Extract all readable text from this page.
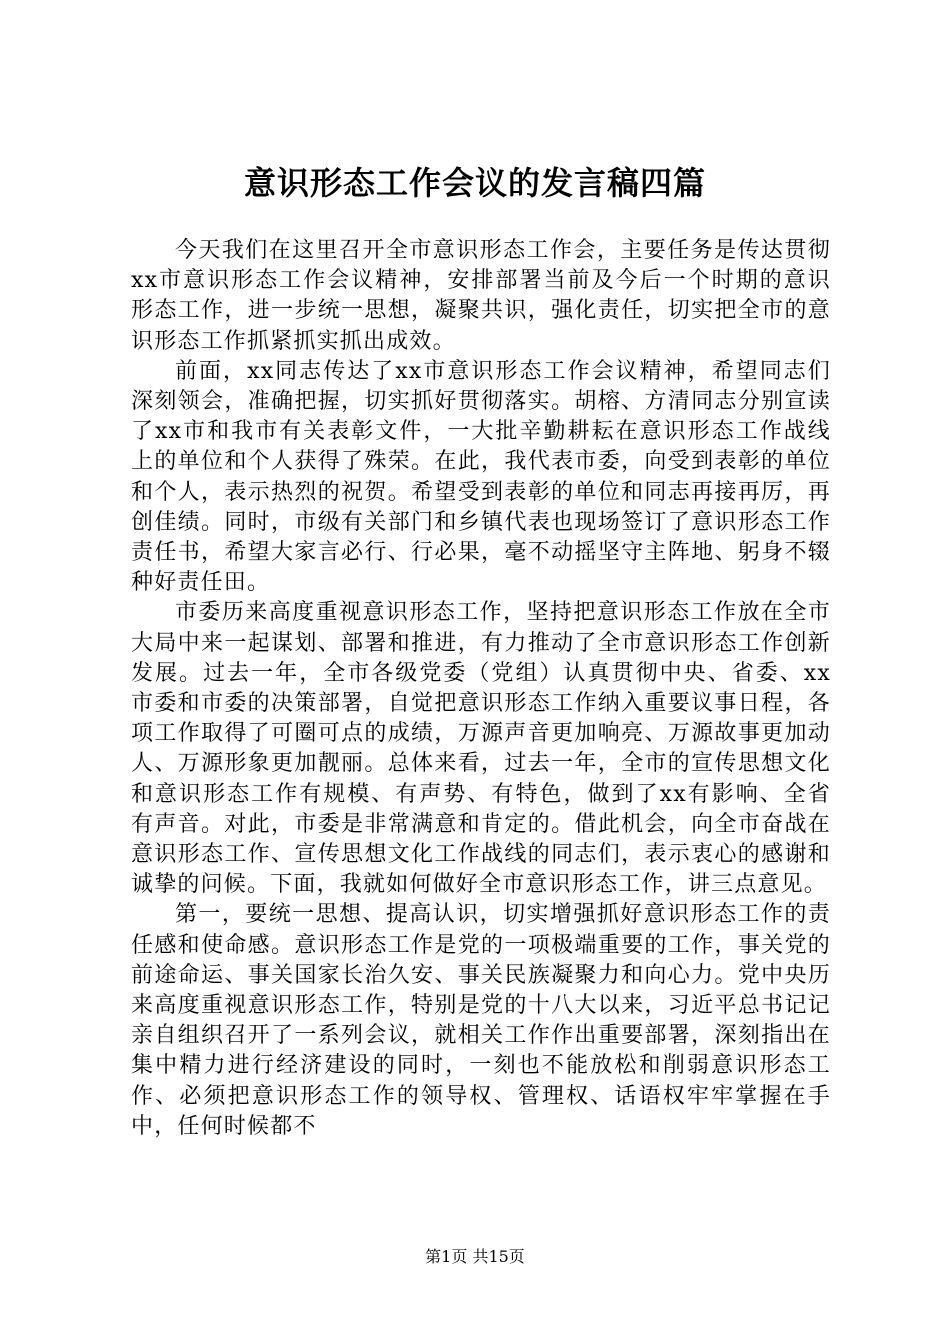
意识形态工作会议的发言稿四篇

今天我们在这里召开全市意识形态工作会，主要任务是传达贯彻xx市意识形态工作会议精神，安排部署当前及今后一个时期的意识形态工作，进一步统一思想，凝聚共识，强化责任，切实把全市的意识形态工作抓紧抓实抓出成效。

前面，xx同志传达了xx市意识形态工作会议精神，希望同志们深刻领会，准确把握，切实抓好贯彻落实。胡榕、方清同志分别宣读了xx市和我市有关表彰文件，一大批辛勤耕耘在意识形态工作战线上的单位和个人获得了殊荣。在此，我代表市委，向受到表彰的单位和个人，表示热烈的祝贺。希望受到表彰的单位和同志再接再厉，再创佳绩。同时，市级有关部门和乡镇代表也现场签订了意识形态工作责任书，希望大家言必行、行必果，毫不动摇坚守主阵地、躬身不辍种好责任田。

市委历来高度重视意识形态工作，坚持把意识形态工作放在全市大局中来一起谋划、部署和推进，有力推动了全市意识形态工作创新发展。过去一年，全市各级党委（党组）认真贯彻中央、省委、xx市委和市委的决策部署，自觉把意识形态工作纳入重要议事日程，各项工作取得了可圈可点的成绩，万源声音更加响亮、万源故事更加动人、万源形象更加靓丽。总体来看，过去一年，全市的宣传思想文化和意识形态工作有规模、有声势、有特色，做到了xx有影响、全省有声音。对此，市委是非常满意和肯定的。借此机会，向全市奋战在意识形态工作、宣传思想文化工作战线的同志们，表示衷心的感谢和诚挚的问候。下面，我就如何做好全市意识形态工作，讲三点意见。

第一，要统一思想、提高认识，切实增强抓好意识形态工作的责任感和使命感。意识形态工作是党的一项极端重要的工作，事关党的前途命运、事关国家长治久安、事关民族凝聚力和向心力。党中央历来高度重视意识形态工作，特别是党的十八大以来，习近平总书记记亲自组织召开了一系列会议，就相关工作作出重要部署，深刻指出在集中精力进行经济建设的同时，一刻也不能放松和削弱意识形态工作、必须把意识形态工作的领导权、管理权、话语权牢牢掌握在手中，任何时候都不

第1页 共15页
